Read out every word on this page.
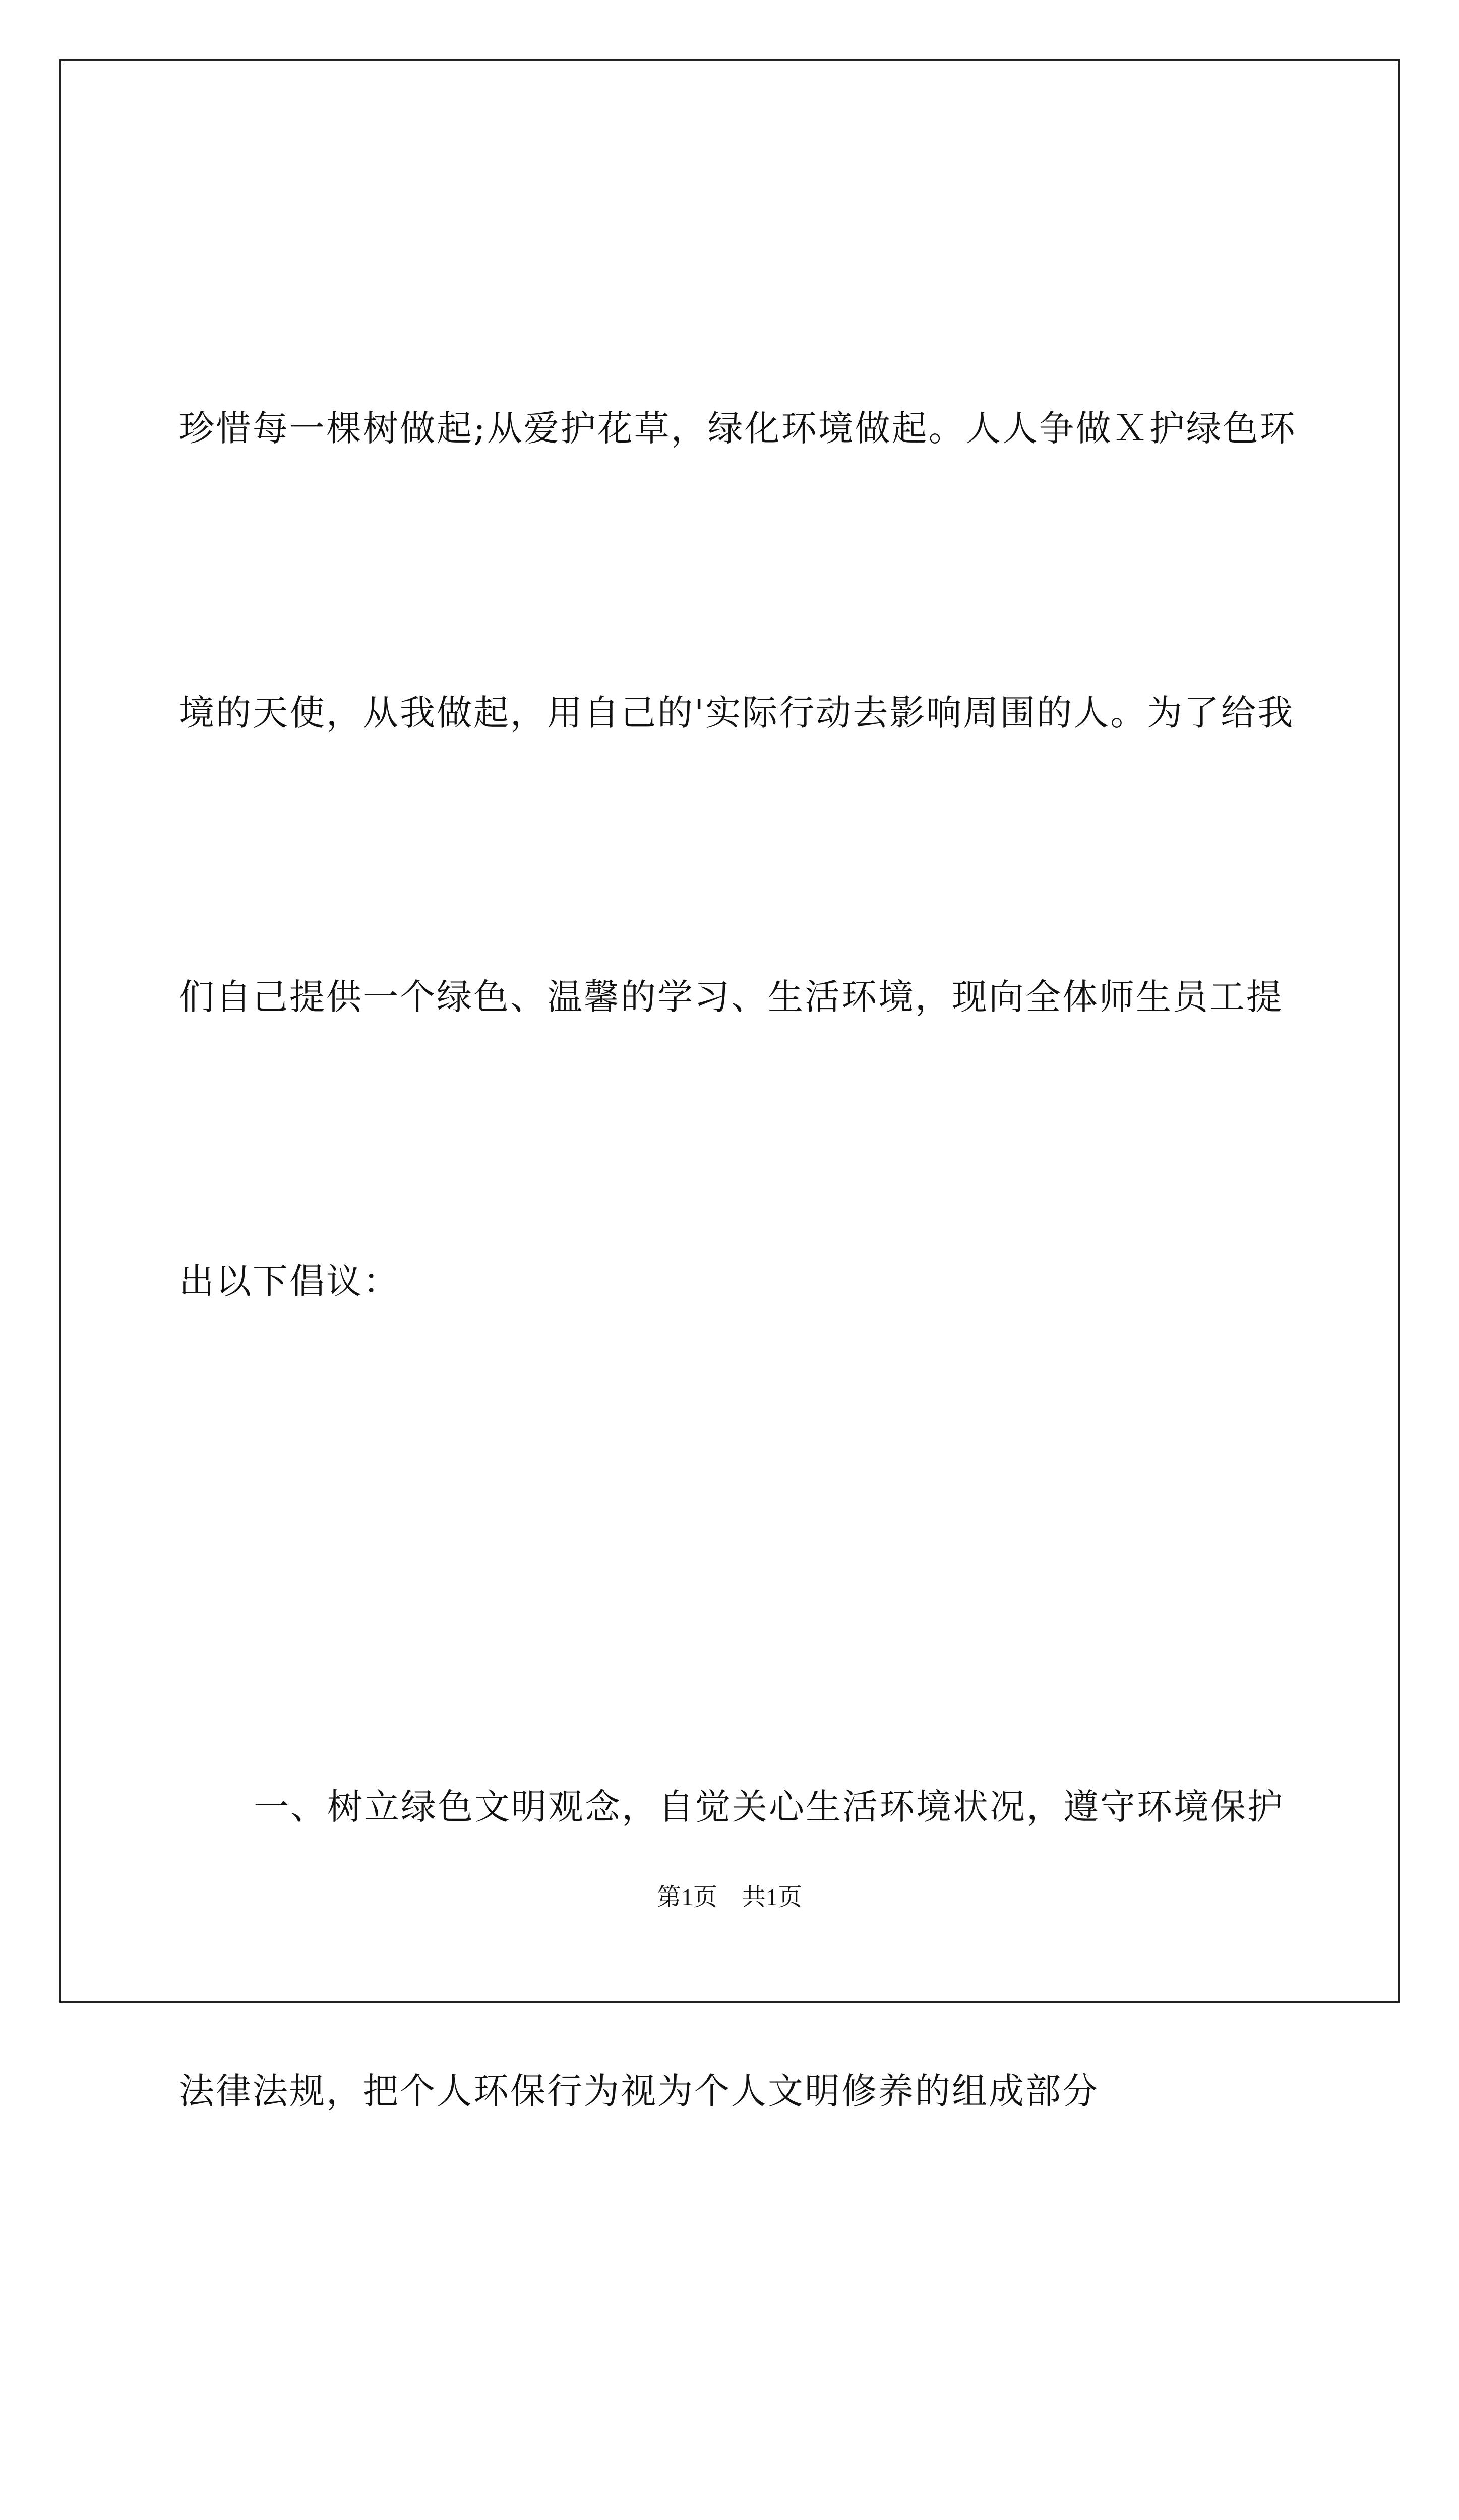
珍惜每一棵树做起;从爱护花草，绿化环境做起。人人争做Ｘ护绿色环

境的天使，从我做起，用自己的'实际行动去影响周围的人。为了给我

们自己提供一个绿色、温馨的学习、生活环境，现向全体师生员工提

出以下倡议：

一、树立绿色文明观念，自觉关心生活环境状况，遵守环境保护

法律法规，把个人环保行为视为个人文明修养的组成部分

第1页　共1页
